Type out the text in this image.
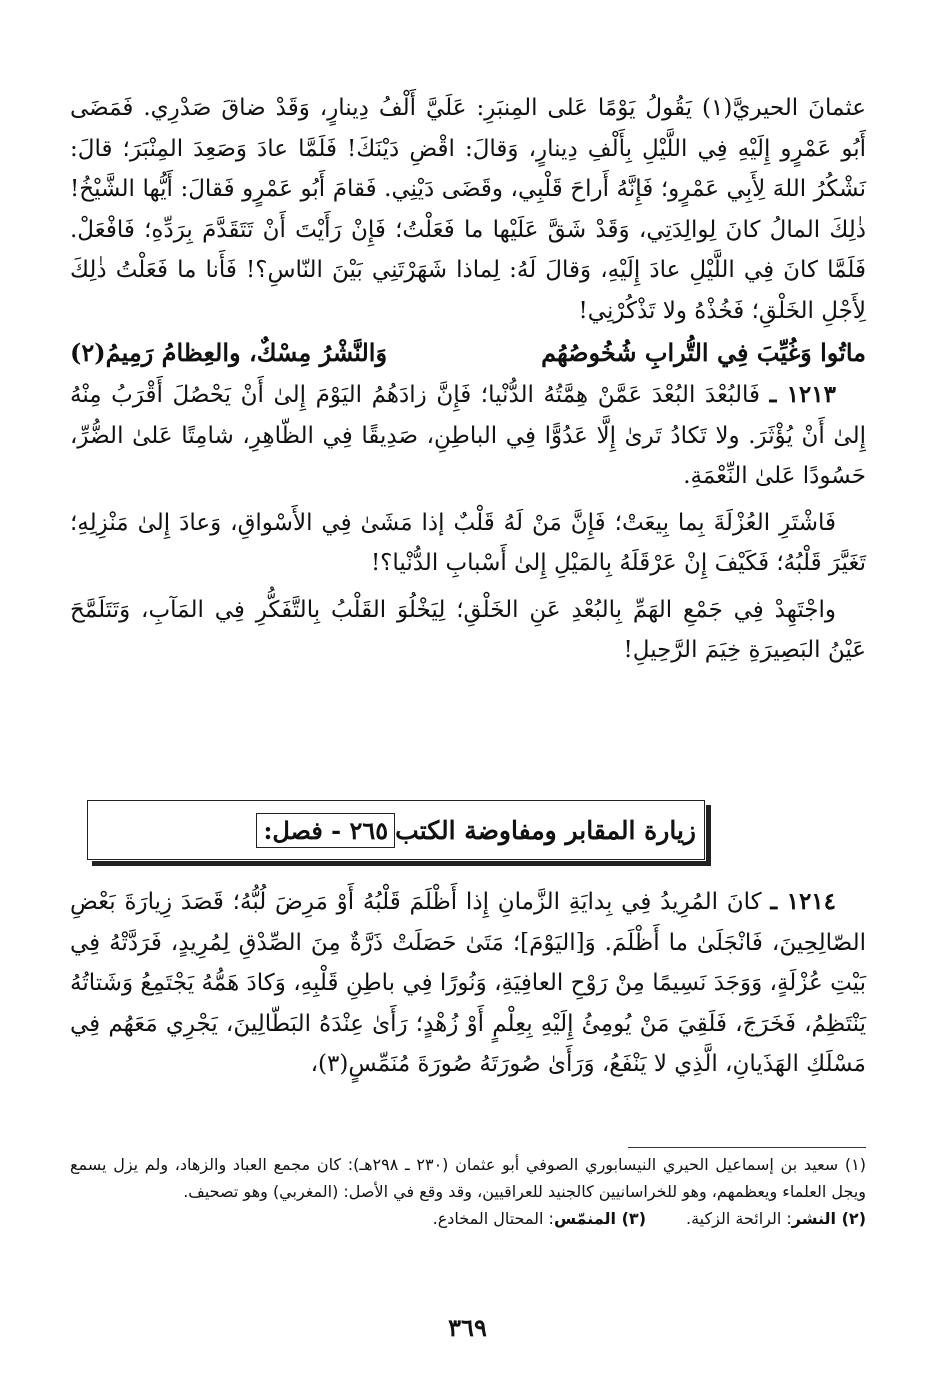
عثمانَ الحيريَّ(١) يَقُولُ يَوْمًا عَلى المِنبَرِ: عَلَيَّ أَلْفُ دِينارٍ، وَقَدْ ضاقَ صَدْرِي. فَمَضَى أَبُو عَمْرٍو إِلَيْهِ فِي اللَّيْلِ بِأَلْفِ دِينارٍ، وَقالَ: اقْضِ دَيْنَكَ! فَلَمَّا عادَ وَصَعِدَ المِنْبَرَ؛ قالَ: نَشْكُرُ اللهَ لِأَبِي عَمْرٍو؛ فَإِنَّهُ أَراحَ قَلْبِي، وقَضَى دَيْنِي. فَقامَ أَبُو عَمْرٍو فَقالَ: أَيُّها الشَّيْخُ! ذٰلِكَ المالُ كانَ لِوالِدَتِي، وَقَدْ شَقَّ عَلَيْها ما فَعَلْتُ؛ فَإِنْ رَأَيْتَ أَنْ تَتَقَدَّمَ بِرَدِّهِ؛ فَافْعَلْ. فَلَمَّا كانَ فِي اللَّيْلِ عادَ إِلَيْهِ، وَقالَ لَهُ: لِماذا شَهَرْتَنِي بَيْنَ النّاسِ؟! فَأَنا ما فَعَلْتُ ذٰلِكَ لِأَجْلِ الخَلْقِ؛ فَخُذْهُ ولا تَذْكُرْنِي!

ماتُوا وَغُيِّبَ فِي التُّرابِ شُخُوصُهُم
وَالنَّشْرُ مِسْكٌ، والعِظامُ رَمِيمُ(٢)

١٢١٣ ـ فَالبُعْدَ البُعْدَ عَمَّنْ هِمَّتُهُ الدُّنْيا؛ فَإِنَّ زادَهُمُ اليَوْمَ إِلىٰ أَنْ يَحْصُلَ أَقْرَبُ مِنْهُ إِلىٰ أَنْ يُؤْثَرَ. ولا تَكادُ تَرىٰ إِلَّا عَدُوًّا فِي الباطِنِ، صَدِيقًا فِي الظّاهِرِ، شامِتًا عَلىٰ الضُّرِّ، حَسُودًا عَلىٰ النِّعْمَةِ.

فَاشْتَرِ العُزْلَةَ بِما بِيعَتْ؛ فَإِنَّ مَنْ لَهُ قَلْبٌ إذا مَشَىٰ فِي الأَسْواقِ، وَعادَ إِلىٰ مَنْزِلِهِ؛ تَغَيَّرَ قَلْبُهُ؛ فَكَيْفَ إِنْ عَرْقَلَهُ بِالمَيْلِ إِلىٰ أَسْبابِ الدُّنْيا؟!

واجْتَهِدْ فِي جَمْعِ الهَمِّ بِالبُعْدِ عَنِ الخَلْقِ؛ لِيَخْلُوَ القَلْبُ بِالتَّفَكُّرِ فِي المَآبِ، وَتَتَلَمَّحَ عَيْنُ البَصِيرَةِ خِيَمَ الرَّحِيلِ!

٢٦٥ - فصل: زيارة المقابر ومفاوضة الكتب

١٢١٤ ـ كانَ المُرِيدُ فِي بِدايَةِ الزَّمانِ إِذا أَظْلَمَ قَلْبُهُ أَوْ مَرِضَ لُبُّهُ؛ قَصَدَ زِيارَةَ بَعْضِ الصّالِحِينَ، فَانْجَلَىٰ ما أَظْلَمَ. وَ[اليَوْمَ]؛ مَتَىٰ حَصَلَتْ ذَرَّةٌ مِنَ الصِّدْقِ لِمُرِيدٍ، فَرَدَّتْهُ فِي بَيْتِ عُزْلَةٍ، وَوَجَدَ نَسِيمًا مِنْ رَوْحِ العافِيَةِ، وَنُورًا فِي باطِنِ قَلْبِهِ، وَكادَ هَمُّهُ يَجْتَمِعُ وَشَتاتُهُ يَنْتَظِمُ، فَخَرَجَ، فَلَقِيَ مَنْ يُومِئُ إِلَيْهِ بِعِلْمٍ أَوْ زُهْدٍ؛ رَأَىٰ عِنْدَهُ البَطّالِينَ، يَجْرِي مَعَهُم فِي مَسْلَكِ الهَذَيانِ، الَّذِي لا يَنْفَعُ، وَرَأَىٰ صُورَتَهُ صُورَةَ مُنَمِّسٍ(٣)،

(١) سعيد بن إسماعيل الحيري النيسابوري الصوفي أبو عثمان (٢٣٠ ـ ٢٩٨هـ): كان مجمع العباد والزهاد، ولم يزل يسمع ويجل العلماء ويعظمهم، وهو للخراسانيين كالجنيد للعراقيين، وقد وقع في الأصل: (المغربي) وهو تصحيف.

(٢) النشر: الرائحة الزكية.
(٣) المنمّس: المحتال المخادع.
٣٦٩
